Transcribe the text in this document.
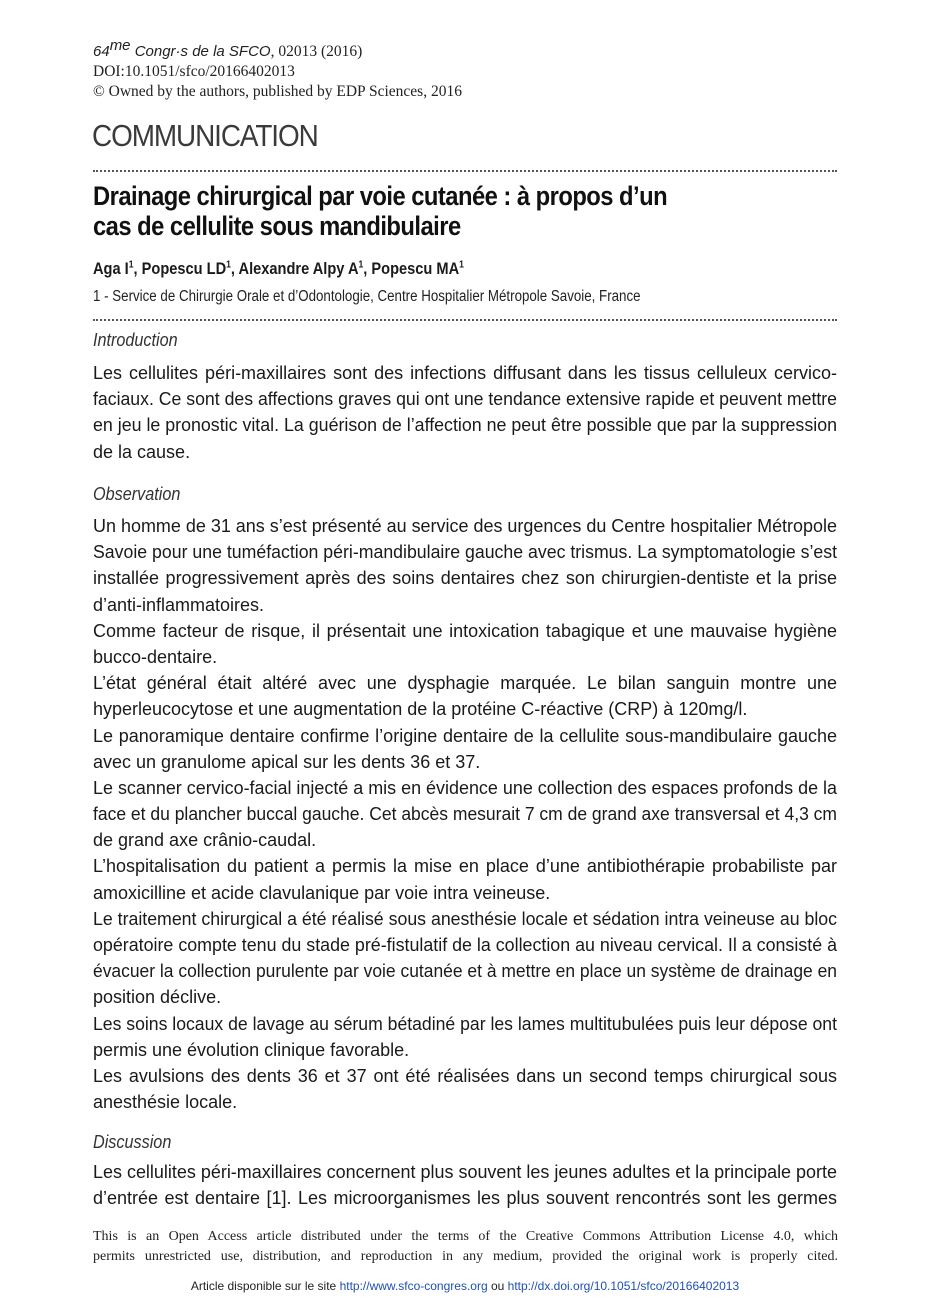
$64^{me}$ Congr·s de la SFCO, 02013 (2016)
DOI:10.1051/sfco/20166402013
© Owned by the authors, published by EDP Sciences, 2016
COMMUNICATION
Drainage chirurgical par voie cutanée : à propos d’un
cas de cellulite sous mandibulaire
Aga $I^1$, Popescu $LD^1$, Alexandre Alpy $A^1$, Popescu $MA^1$
1 - Service de Chirurgie Orale et d’Odontologie, Centre Hospitalier Métropole Savoie, France
Introduction
Les cellulites péri-maxillaires sont des infections diffusant dans les tissus celluleux cervico-
faciaux. Ce sont des affections graves qui ont une tendance extensive rapide et peuvent mettre
en jeu le pronostic vital. La guérison de l’affection ne peut être possible que par la suppression
de la cause.
Observation
Un homme de 31 ans s’est présenté au service des urgences du Centre hospitalier Métropole
Savoie pour une tuméfaction péri-mandibulaire gauche avec trismus. La symptomatologie s’est
installée progressivement après des soins dentaires chez son chirurgien-dentiste et la prise
d’anti-inflammatoires.
Comme facteur de risque, il présentait une intoxication tabagique et une mauvaise hygiène
bucco-dentaire.
L’état général était altéré avec une dysphagie marquée. Le bilan sanguin montre une
hyperleucocytose et une augmentation de la protéine C-réactive (CRP) à 120mg/l.
Le panoramique dentaire confirme l’origine dentaire de la cellulite sous-mandibulaire gauche
avec un granulome apical sur les dents 36 et 37.
Le scanner cervico-facial injecté a mis en évidence une collection des espaces profonds de la
face et du plancher buccal gauche. Cet abcès mesurait 7 cm de grand axe transversal et 4,3 cm
de grand axe crânio-caudal.
L’hospitalisation du patient a permis la mise en place d’une antibiothérapie probabiliste par
amoxicilline et acide clavulanique par voie intra veineuse.
Le traitement chirurgical a été réalisé sous anesthésie locale et sédation intra veineuse au bloc
opératoire compte tenu du stade pré-fistulatif de la collection au niveau cervical. Il a consisté à
évacuer la collection purulente par voie cutanée et à mettre en place un système de drainage en
position déclive.
Les soins locaux de lavage au sérum bétadiné par les lames multitubulées puis leur dépose ont
permis une évolution clinique favorable.
Les avulsions des dents 36 et 37 ont été réalisées dans un second temps chirurgical sous
anesthésie locale.
Discussion
Les cellulites péri-maxillaires concernent plus souvent les jeunes adultes et la principale porte
d’entrée est dentaire [1]. Les microorganismes les plus souvent rencontrés sont les germes
This is an Open Access article distributed under the terms of the Creative Commons Attribution License 4.0, which
permits unrestricted use, distribution, and reproduction in any medium, provided the original work is properly cited.
Article disponible sur le site http://www.sfco-congres.org ou http://dx.doi.org/10.1051/sfco/20166402013
